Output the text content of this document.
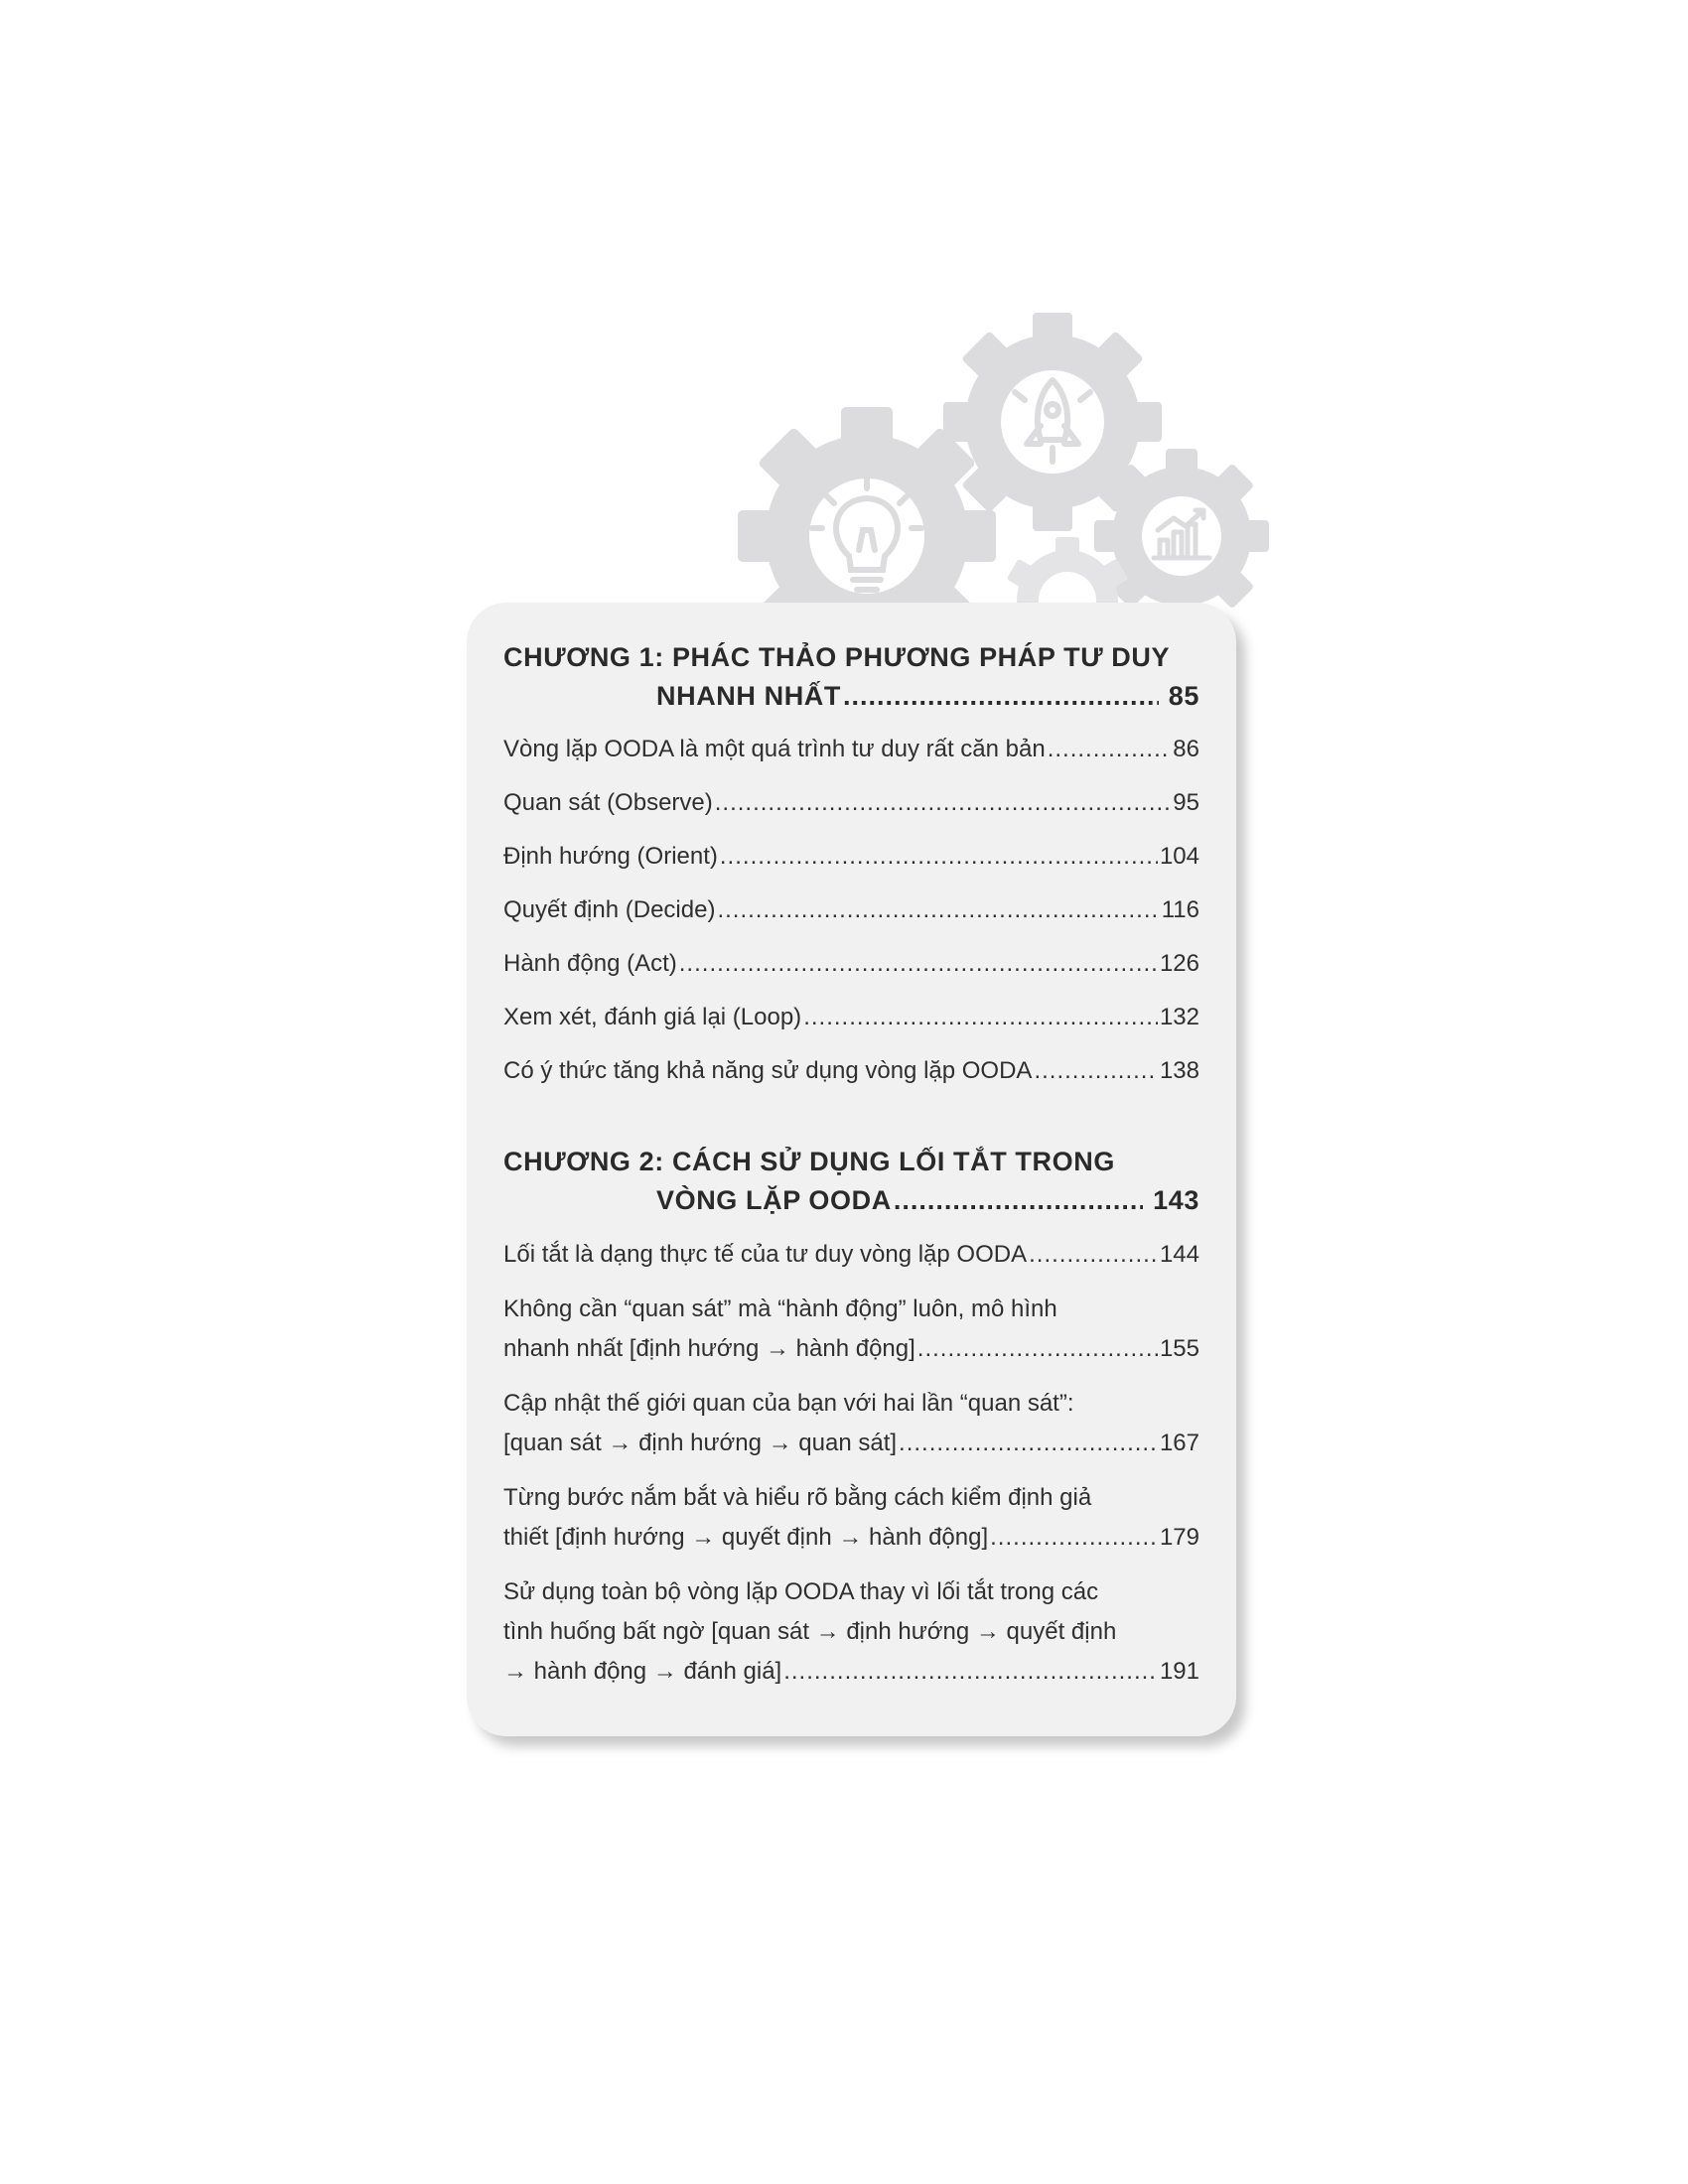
CHƯƠNG 1: PHÁC THẢO PHƯƠNG PHÁP TƯ DUY
NHANH NHẤT .....	85
Vòng lặp OODA là một quá trình tư duy rất căn bản .....	86
Quan sát (Observe) .....	95
Định hướng (Orient) .....	104
Quyết định (Decide) .....	116
Hành động (Act) .....	126
Xem xét, đánh giá lại (Loop) .....	132
Có ý thức tăng khả năng sử dụng vòng lặp OODA .....	138
CHƯƠNG 2: CÁCH SỬ DỤNG LỐI TẮT TRONG
VÒNG LẶP OODA .....	143
Lối tắt là dạng thực tế của tư duy vòng lặp OODA .....	144
Không cần “quan sát” mà “hành động” luôn, mô hình
nhanh nhất [định hướng → hành động] .....	155
Cập nhật thế giới quan của bạn với hai lần “quan sát”:
[quan sát → định hướng → quan sát] .....	167
Từng bước nắm bắt và hiểu rõ bằng cách kiểm định giả
thiết [định hướng → quyết định → hành động] .....	179
Sử dụng toàn bộ vòng lặp OODA thay vì lối tắt trong các
tình huống bất ngờ [quan sát → định hướng → quyết định
→ hành động → đánh giá] .....	191
